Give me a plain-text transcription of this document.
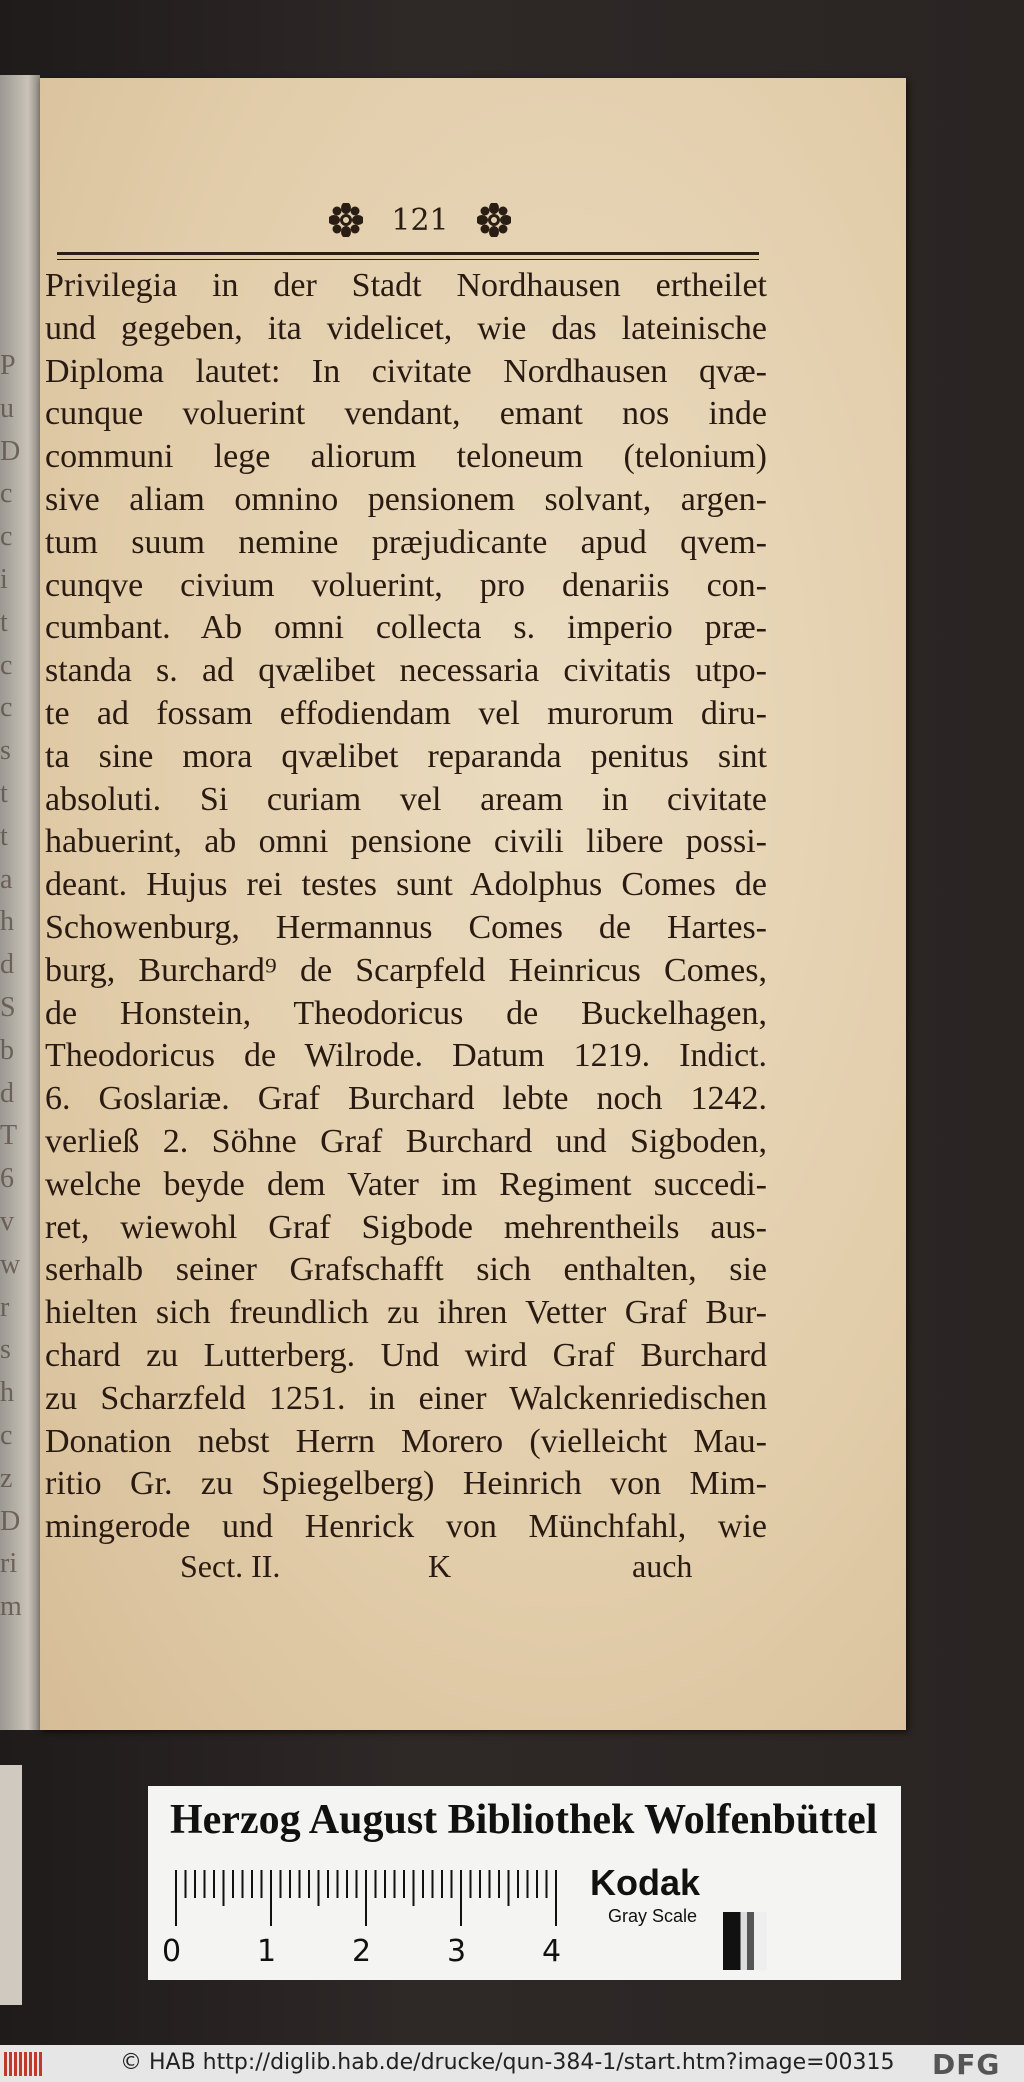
P
u
D
c
c
i
t
c
c
s
t
t
a
h
d
S
b
d
T
6
v
w
r
s
h
c
z
D
ri
m
121
Privilegia in der Stadt Nordhausen ertheilet
und gegeben, ita videlicet, wie das lateinische
Diploma lautet: In civitate Nordhausen qvæ-
cunque voluerint vendant, emant nos inde
communi lege aliorum teloneum (telonium)
sive aliam omnino pensionem solvant, argen-
tum suum nemine præjudicante apud qvem-
cunqve civium voluerint, pro denariis con-
cumbant. Ab omni collecta s. imperio præ-
standa s. ad qvælibet necessaria civitatis utpo-
te ad fossam effodiendam vel murorum diru-
ta sine mora qvælibet reparanda penitus sint
absoluti. Si curiam vel aream in civitate
habuerint, ab omni pensione civili libere possi-
deant. Hujus rei testes sunt Adolphus Comes de
Schowenburg, Hermannus Comes de Hartes-
burg, Burchard⁹ de Scarpfeld Heinricus Comes,
de Honstein, Theodoricus de Buckelhagen,
Theodoricus de Wilrode. Datum 1219. Indict.
6. Goslariæ. Graf Burchard lebte noch 1242.
verließ 2. Söhne Graf Burchard und Sigboden,
welche beyde dem Vater im Regiment succedi-
ret, wiewohl Graf Sigbode mehrentheils aus-
serhalb seiner Grafschafft sich enthalten, sie
hielten sich freundlich zu ihren Vetter Graf Bur-
chard zu Lutterberg. Und wird Graf Burchard
zu Scharzfeld 1251. in einer Walckenriedischen
Donation nebst Herrn Morero (vielleicht Mau-
ritio Gr. zu Spiegelberg) Heinrich von Mim-
mingerode und Henrick von Münchfahl, wie
Sect. II.	K	auch
Herzog August Bibliothek Wolfenbüttel
0	1	2	3	4
Kodak
Gray Scale
© HAB http://diglib.hab.de/drucke/qun-384-1/start.htm?image=00315 DFG
